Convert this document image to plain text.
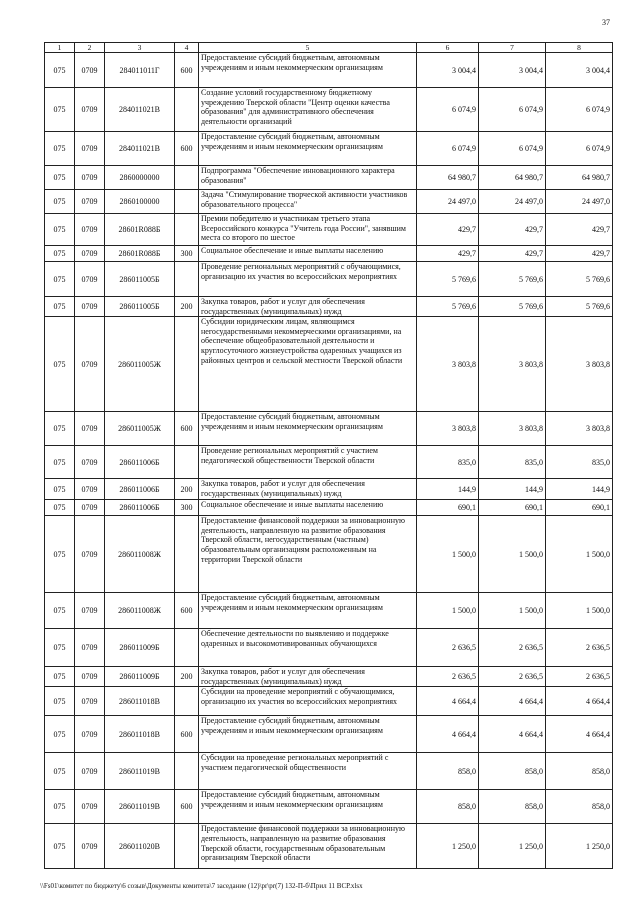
37
1	2	3	4	5	6	7	8
075	0709	284011011Г	600	Предоставление субсидий бюджетным, автономным учреждениям и иным некоммерческим организациям	3 004,4	3 004,4	3 004,4
075	0709	284011021В		Создание условий государственному бюджетному учреждению Тверской области "Центр оценки качества образования" для административного обеспечения деятельности организаций	6 074,9	6 074,9	6 074,9
075	0709	284011021В	600	Предоставление субсидий бюджетным, автономным учреждениям и иным некоммерческим организациям	6 074,9	6 074,9	6 074,9
075	0709	2860000000		Подпрограмма "Обеспечение инновационного характера образования"	64 980,7	64 980,7	64 980,7
075	0709	2860100000		Задача "Стимулирование творческой активности участников образовательного процесса"	24 497,0	24 497,0	24 497,0
075	0709	28601R088Б		Премии победителю и участникам третьего этапа Всероссийского конкурса "Учитель года России", занявшим места со второго по шестое	429,7	429,7	429,7
075	0709	28601R088Б	300	Социальное обеспечение и иные выплаты населению	429,7	429,7	429,7
075	0709	286011005Б		Проведение региональных мероприятий с обучающимися, организацию их участия во всероссийских мероприятиях	5 769,6	5 769,6	5 769,6
075	0709	286011005Б	200	Закупка товаров, работ и услуг для обеспечения государственных (муниципальных) нужд	5 769,6	5 769,6	5 769,6
075	0709	286011005Ж		Субсидии юридическим лицам, являющимся негосударственными некоммерческими организациями, на обеспечение общеобразовательной деятельности и круглосуточного жизнеустройства одаренных учащихся из районных центров и сельской местности Тверской области	3 803,8	3 803,8	3 803,8
075	0709	286011005Ж	600	Предоставление субсидий бюджетным, автономным учреждениям и иным некоммерческим организациям	3 803,8	3 803,8	3 803,8
075	0709	286011006Б		Проведение региональных мероприятий с участием педагогической общественности Тверской области	835,0	835,0	835,0
075	0709	286011006Б	200	Закупка товаров, работ и услуг для обеспечения государственных (муниципальных) нужд	144,9	144,9	144,9
075	0709	286011006Б	300	Социальное обеспечение и иные выплаты населению	690,1	690,1	690,1
075	0709	286011008Ж		Предоставление финансовой поддержки за инновационную деятельность, направленную на развитие образования Тверской области, негосударственным (частным) образовательным организациям расположенным на территории Тверской области	1 500,0	1 500,0	1 500,0
075	0709	286011008Ж	600	Предоставление субсидий бюджетным, автономным учреждениям и иным некоммерческим организациям	1 500,0	1 500,0	1 500,0
075	0709	286011009Б		Обеспечение деятельности по выявлению и поддержке одаренных и высокомотивированных обучающихся	2 636,5	2 636,5	2 636,5
075	0709	286011009Б	200	Закупка товаров, работ и услуг для обеспечения государственных (муниципальных) нужд	2 636,5	2 636,5	2 636,5
075	0709	286011018В		Субсидии на проведение мероприятий с обучающимися, организацию их участия во всероссийских мероприятиях	4 664,4	4 664,4	4 664,4
075	0709	286011018В	600	Предоставление субсидий бюджетным, автономным учреждениям и иным некоммерческим организациям	4 664,4	4 664,4	4 664,4
075	0709	286011019В		Субсидии на проведение региональных мероприятий с участием педагогической общественности	858,0	858,0	858,0
075	0709	286011019В	600	Предоставление субсидий бюджетным, автономным учреждениям и иным некоммерческим организациям	858,0	858,0	858,0
075	0709	286011020В		Предоставление финансовой поддержки за инновационную деятельность, направленную на развитие образования Тверской области, государственным образовательным организациям Тверской области	1 250,0	1 250,0	1 250,0
\\Fs01\комитет по бюджету\6 созыв\Документы комитета\7 заседание (12)\pr\pr(7) 132-П-б\Прил 11 ВСР.xlsx
